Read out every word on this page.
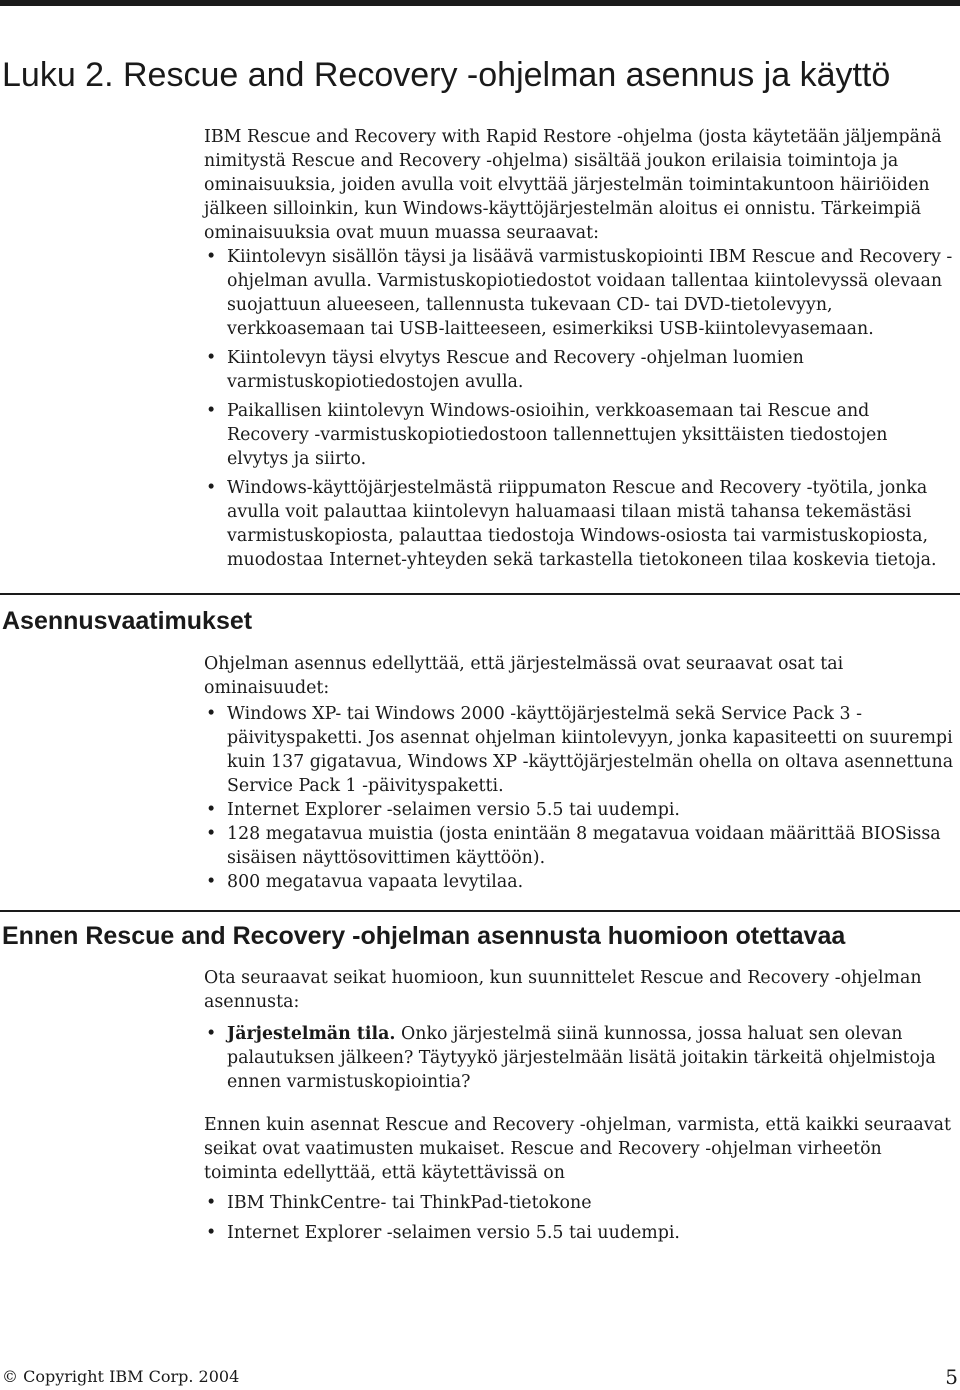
Luku 2. Rescue and Recovery -ohjelman asennus ja käyttö

IBM Rescue and Recovery with Rapid Restore -ohjelma (josta käytetään jäljempänä nimitystä Rescue and Recovery -ohjelma) sisältää joukon erilaisia toimintoja ja ominaisuuksia, joiden avulla voit elvyttää järjestelmän toimintakuntoon häiriöiden jälkeen silloinkin, kun Windows-käyttöjärjestelmän aloitus ei onnistu. Tärkeimpiä ominaisuuksia ovat muun muassa seuraavat:

• Kiintolevyn sisällön täysi ja lisäävä varmistuskopiointi IBM Rescue and Recovery -ohjelman avulla. Varmistuskopiotiedostot voidaan tallentaa kiintolevyssä olevaan suojattuun alueeseen, tallennusta tukevaan CD- tai DVD-tietolevyyn, verkkoasemaan tai USB-laitteeseen, esimerkiksi USB-kiintolevyasemaan.
• Kiintolevyn täysi elvytys Rescue and Recovery -ohjelman luomien varmistuskopiotiedostojen avulla.
• Paikallisen kiintolevyn Windows-osioihin, verkkoasemaan tai Rescue and Recovery -varmistuskopiotiedostoon tallennettujen yksittäisten tiedostojen elvytys ja siirto.
• Windows-käyttöjärjestelmästä riippumaton Rescue and Recovery -työtila, jonka avulla voit palauttaa kiintolevyn haluamaasi tilaan mistä tahansa tekemästäsi varmistuskopiosta, palauttaa tiedostoja Windows-osiosta tai varmistuskopiosta, muodostaa Internet-yhteyden sekä tarkastella tietokoneen tilaa koskevia tietoja.
Asennusvaatimukset

Ohjelman asennus edellyttää, että järjestelmässä ovat seuraavat osat tai ominaisuudet:

• Windows XP- tai Windows 2000 -käyttöjärjestelmä sekä Service Pack 3 -päivityspaketti. Jos asennat ohjelman kiintolevyyn, jonka kapasiteetti on suurempi kuin 137 gigatavua, Windows XP -käyttöjärjestelmän ohella on oltava asennettuna Service Pack 1 -päivityspaketti.
• Internet Explorer -selaimen versio 5.5 tai uudempi.
• 128 megatavua muistia (josta enintään 8 megatavua voidaan määrittää BIOSissa sisäisen näyttösovittimen käyttöön).
• 800 megatavua vapaata levytilaa.
Ennen Rescue and Recovery -ohjelman asennusta huomioon otettavaa

Ota seuraavat seikat huomioon, kun suunnittelet Rescue and Recovery -ohjelman asennusta:

• Järjestelmän tila. Onko järjestelmä siinä kunnossa, jossa haluat sen olevan palautuksen jälkeen? Täytyykö järjestelmään lisätä joitakin tärkeitä ohjelmistoja ennen varmistuskopiointia?

Ennen kuin asennat Rescue and Recovery -ohjelman, varmista, että kaikki seuraavat seikat ovat vaatimusten mukaiset. Rescue and Recovery -ohjelman virheetön toiminta edellyttää, että käytettävissä on

• IBM ThinkCentre- tai ThinkPad-tietokone
• Internet Explorer -selaimen versio 5.5 tai uudempi.
© Copyright IBM Corp. 2004	5
